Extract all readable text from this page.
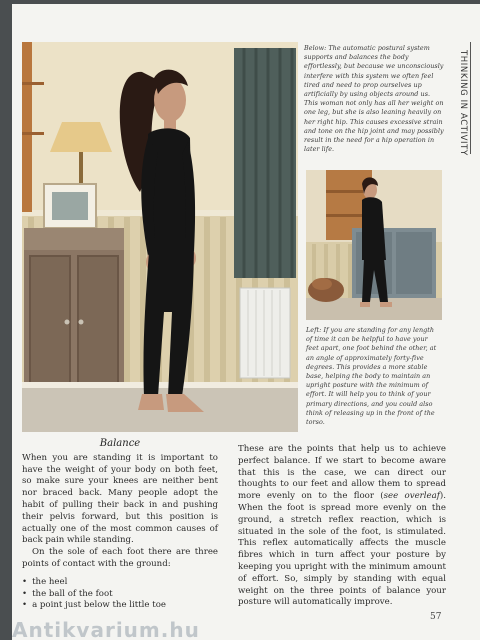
Below: The automatic postural system supports and balances the body effortlessly, but because we unconsciously interfere with this system we often feel tired and need to prop ourselves up artificially by using objects around us. This woman not only has all her weight on one leg, but she is also leaning heavily on her right hip. This causes excessive strain and tone on the hip joint and may possibly result in the need for a hip operation in later life.	THINKING IN ACTIVITY

Left: If you are standing for any length of time it can be helpful to have your feet apart, one foot behind the other, at an angle of approximately forty-five degrees. This provides a more stable base, helping the body to maintain an upright posture with the minimum of effort. It will help you to think of your primary directions, and you could also think of releasing up in the front of the torso.

Balance

When you are standing it is important to have the weight of your body on both feet, so make sure your knees are neither bent nor braced back. Many people adopt the habit of pulling their back in and pushing their pelvis forward, but this position is actually one of the most common causes of back pain while standing.

On the sole of each foot there are three points of contact with the ground:

• the heel
• the ball of the foot
• a point just below the little toe

These are the points that help us to achieve perfect balance. If we start to become aware that this is the case, we can direct our thoughts to our feet and allow them to spread more evenly on to the floor (see overleaf). When the foot is spread more evenly on the ground, a stretch reflex reaction, which is situated in the sole of the foot, is stimulated. This reflex automatically affects the muscle fibres which in turn affect your posture by keeping you upright with the minimum amount of effort. So, simply by standing with equal weight on the three points of balance your posture will automatically improve.

57
Antikvarium.hu
